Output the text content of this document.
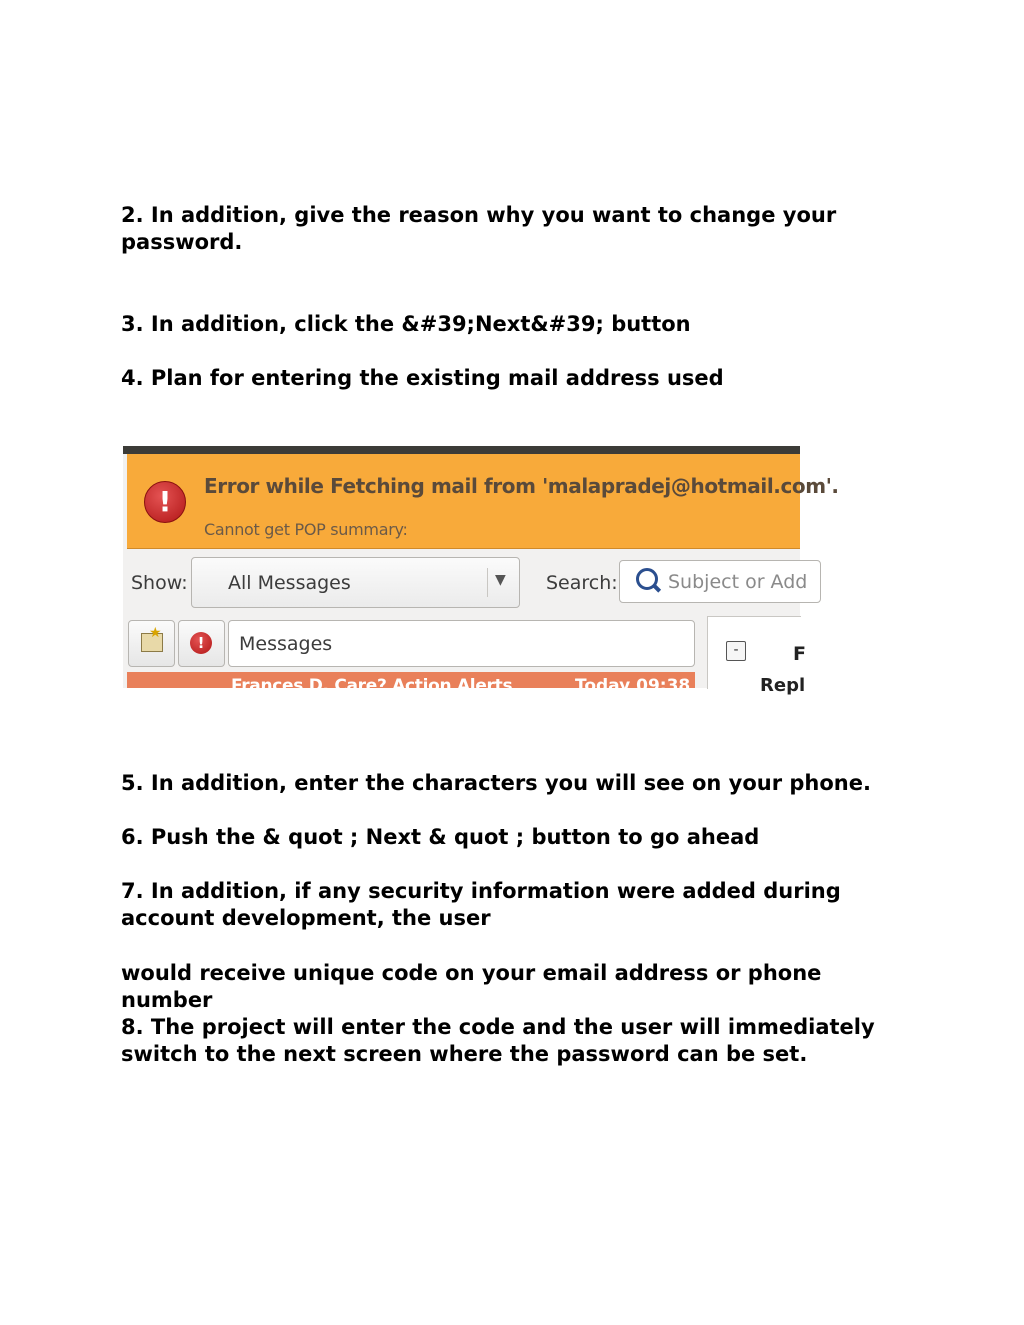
2. In addition, give the reason why you want to change your password.

3. In addition, click the &#39;Next&#39; button

4. Plan for entering the existing mail address used

!	Error while Fetching mail from 'malapradej@hotmail.com'.
Cannot get POP summary:
Show: All Messages	▼ Search:	Subject or Add
★
!	Messages
Frances D. Care? Action Alerts	Today 09:38
-	F
Repl

5. In addition, enter the characters you will see on your phone.

6. Push the & quot ; Next & quot ; button to go ahead

7. In addition, if any security information were added during account development, the user

would receive unique code on your email address or phone number

8. The project will enter the code and the user will immediately switch to the next screen where the password can be set.
